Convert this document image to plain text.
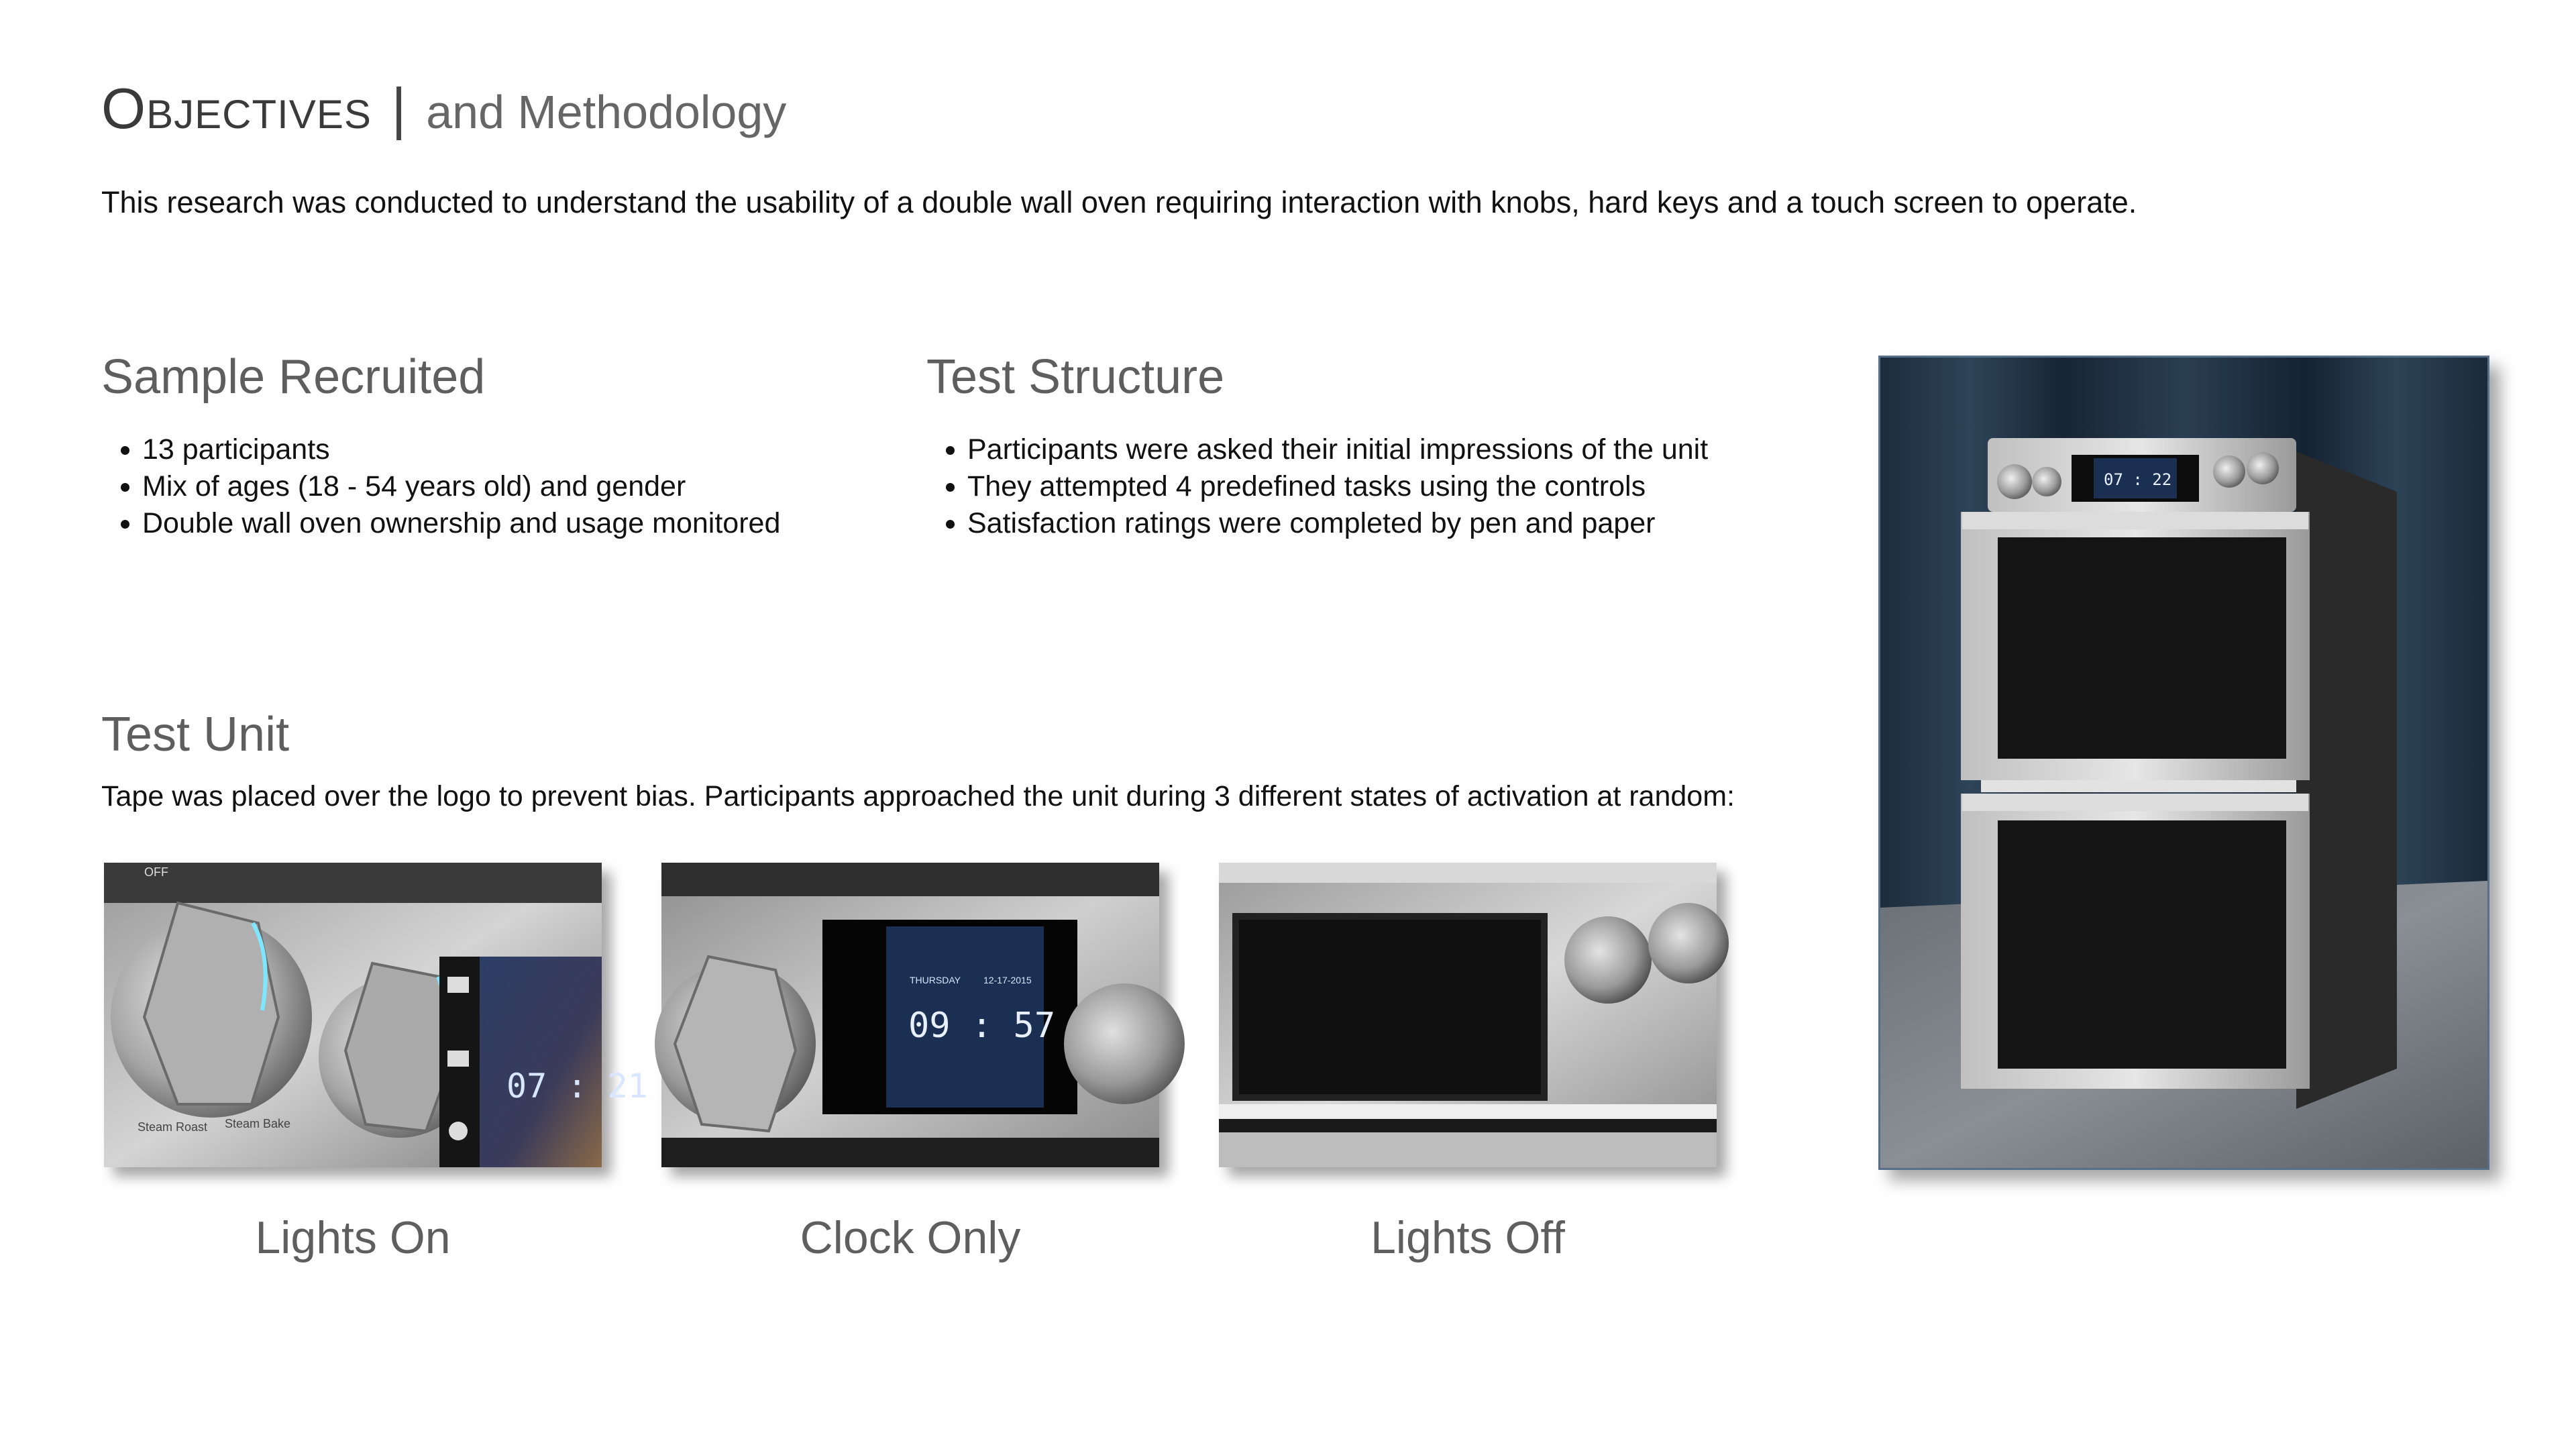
Objectives | and Methodology
This research was conducted to understand the usability of a double wall oven requiring interaction with knobs, hard keys and a touch screen to operate.
Sample Recruited
• 13 participants
• Mix of ages (18 - 54 years old) and gender
• Double wall oven ownership and usage monitored
Test Structure
• Participants were asked their initial impressions of the unit
• They attempted 4 predefined tasks using the controls
• Satisfaction ratings were completed by pen and paper
Test Unit
Tape was placed over the logo to prevent bias. Participants approached the unit during 3 different states of activation at random:
07 : 21
OFF
Steam Roast Steam Bake
Lights On
THURSDAY 12-17-2015
09 : 57
Clock Only	Lights Off
07 : 22
